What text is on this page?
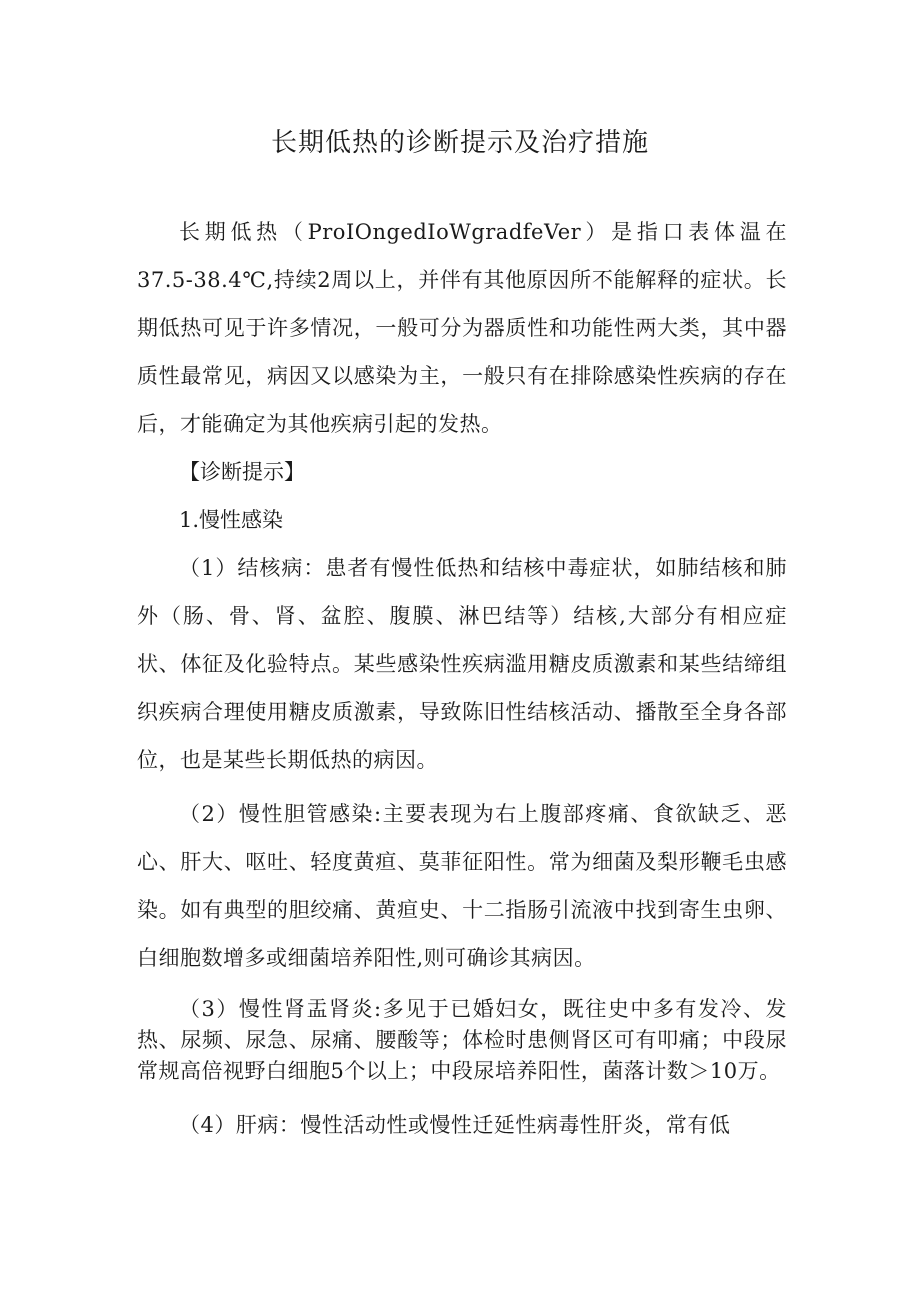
长期低热的诊断提示及治疗措施

长期低热（ProIOngedIoWgradfeVer）是指口表体温在37.5-38.4℃,持续2周以上，并伴有其他原因所不能解释的症状。长期低热可见于许多情况，一般可分为器质性和功能性两大类，其中器质性最常见，病因又以感染为主，一般只有在排除感染性疾病的存在后，才能确定为其他疾病引起的发热。

【诊断提示】

1.慢性感染

（1）结核病：患者有慢性低热和结核中毒症状，如肺结核和肺外（肠、骨、肾、盆腔、腹膜、淋巴结等）结核,大部分有相应症状、体征及化验特点。某些感染性疾病滥用糖皮质激素和某些结缔组织疾病合理使用糖皮质激素，导致陈旧性结核活动、播散至全身各部位，也是某些长期低热的病因。

（2）慢性胆管感染:主要表现为右上腹部疼痛、食欲缺乏、恶心、肝大、呕吐、轻度黄疸、莫菲征阳性。常为细菌及梨形鞭毛虫感染。如有典型的胆绞痛、黄疸史、十二指肠引流液中找到寄生虫卵、白细胞数增多或细菌培养阳性,则可确诊其病因。

（3）慢性肾盂肾炎:多见于已婚妇女，既往史中多有发冷、发热、尿频、尿急、尿痛、腰酸等；体检时患侧肾区可有叩痛；中段尿常规高倍视野白细胞5个以上；中段尿培养阳性，菌落计数＞10万。

（4）肝病：慢性活动性或慢性迁延性病毒性肝炎，常有低
